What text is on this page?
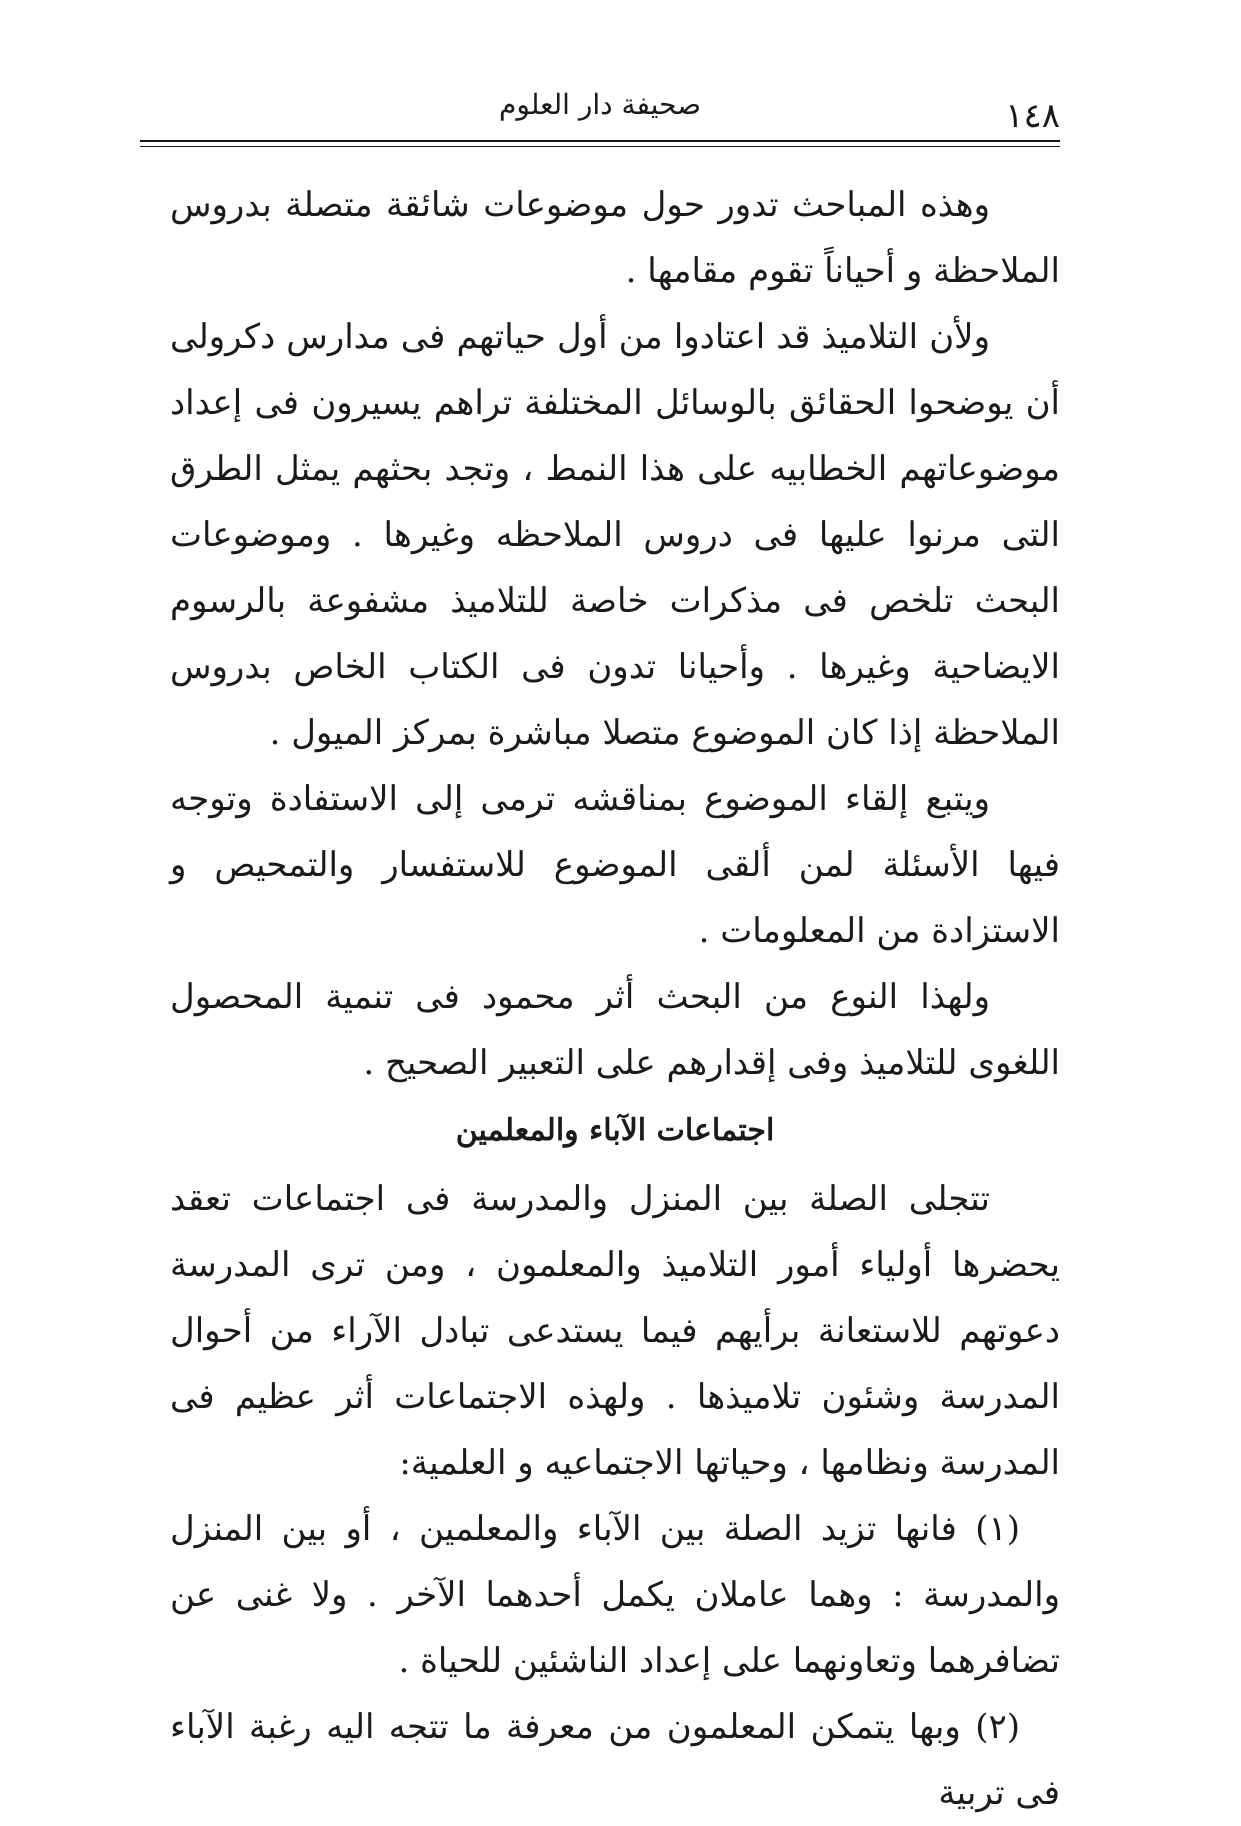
١٤٨
صحيفة دار العلوم

وهذه المباحث تدور حول موضوعات شائقة متصلة بدروس الملاحظة و أحياناً تقوم مقامها .

ولأن التلاميذ قد اعتادوا من أول حياتهم فى مدارس دكرولى أن يوضحوا الحقائق بالوسائل المختلفة تراهم يسيرون فى إعداد موضوعاتهم الخطابيه على هذا النمط ، وتجد بحثهم يمثل الطرق التى مرنوا عليها فى دروس الملاحظه وغيرها . وموضوعات البحث تلخص فى مذكرات خاصة للتلاميذ مشفوعة بالرسوم الايضاحية وغيرها . وأحيانا تدون فى الكتاب الخاص بدروس الملاحظة إذا كان الموضوع متصلا مباشرة بمركز الميول .

ويتبع إلقاء الموضوع بمناقشه ترمى إلى الاستفادة وتوجه فيها الأسئلة لمن ألقى الموضوع للاستفسار والتمحيص و الاستزادة من المعلومات .

ولهذا النوع من البحث أثر محمود فى تنمية المحصول اللغوى للتلاميذ وفى إقدارهم على التعبير الصحيح .

اجتماعات الآباء والمعلمين

تتجلى الصلة بين المنزل والمدرسة فى اجتماعات تعقد يحضرها أولياء أمور التلاميذ والمعلمون ، ومن ترى المدرسة دعوتهم للاستعانة برأيهم فيما يستدعى تبادل الآراء من أحوال المدرسة وشئون تلاميذها . ولهذه الاجتماعات أثر عظيم فى المدرسة ونظامها ، وحياتها الاجتماعيه و العلمية:

(١) فانها تزيد الصلة بين الآباء والمعلمين ، أو بين المنزل والمدرسة : وهما عاملان يكمل أحدهما الآخر . ولا غنى عن تضافرهما وتعاونهما على إعداد الناشئين للحياة .

(٢) وبها يتمكن المعلمون من معرفة ما تتجه اليه رغبة الآباء فى تربية
